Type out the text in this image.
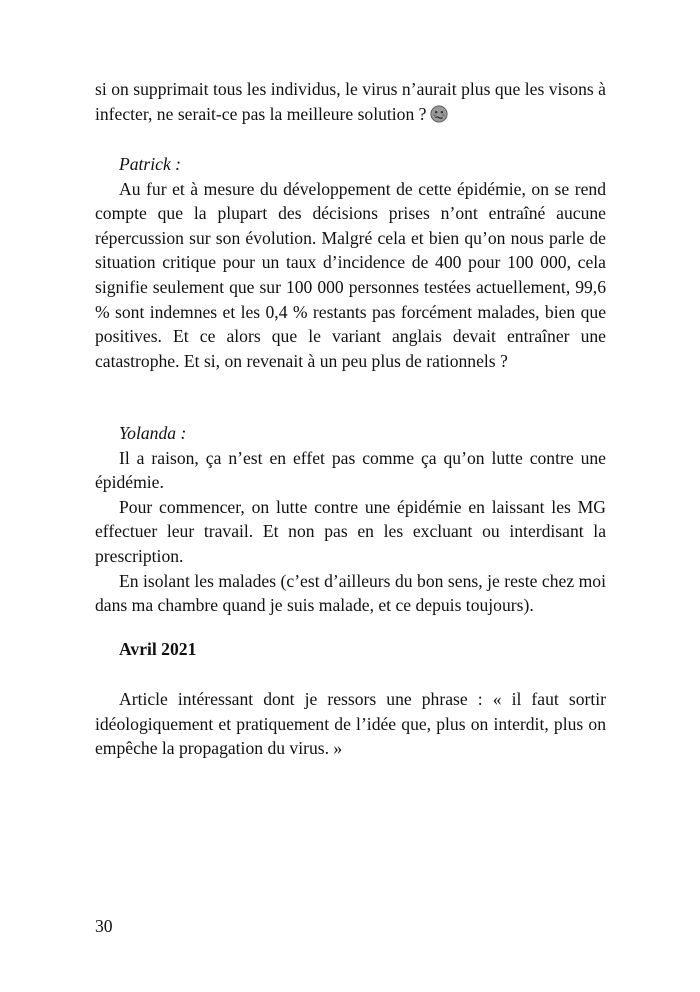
si on supprimait tous les individus, le virus n’aurait plus que les visons à infecter, ne serait-ce pas la meilleure solution ?

Patrick :

Au fur et à mesure du développement de cette épidémie, on se rend compte que la plupart des décisions prises n’ont entraîné aucune répercussion sur son évolution. Malgré cela et bien qu’on nous parle de situation critique pour un taux d’incidence de 400 pour 100 000, cela signifie seulement que sur 100 000 personnes testées actuellement, 99,6 % sont indemnes et les 0,4 % restants pas forcément malades, bien que positives. Et ce alors que le variant anglais devait entraîner une catastrophe. Et si, on revenait à un peu plus de rationnels ?

Yolanda :

Il a raison, ça n’est en effet pas comme ça qu’on lutte contre une épidémie.

Pour commencer, on lutte contre une épidémie en laissant les MG effectuer leur travail. Et non pas en les excluant ou interdisant la prescription.

En isolant les malades (c’est d’ailleurs du bon sens, je reste chez moi dans ma chambre quand je suis malade, et ce depuis toujours).

Avril 2021

Article intéressant dont je ressors une phrase : « il faut sortir idéologiquement et pratiquement de l’idée que, plus on interdit, plus on empêche la propagation du virus. »

30
